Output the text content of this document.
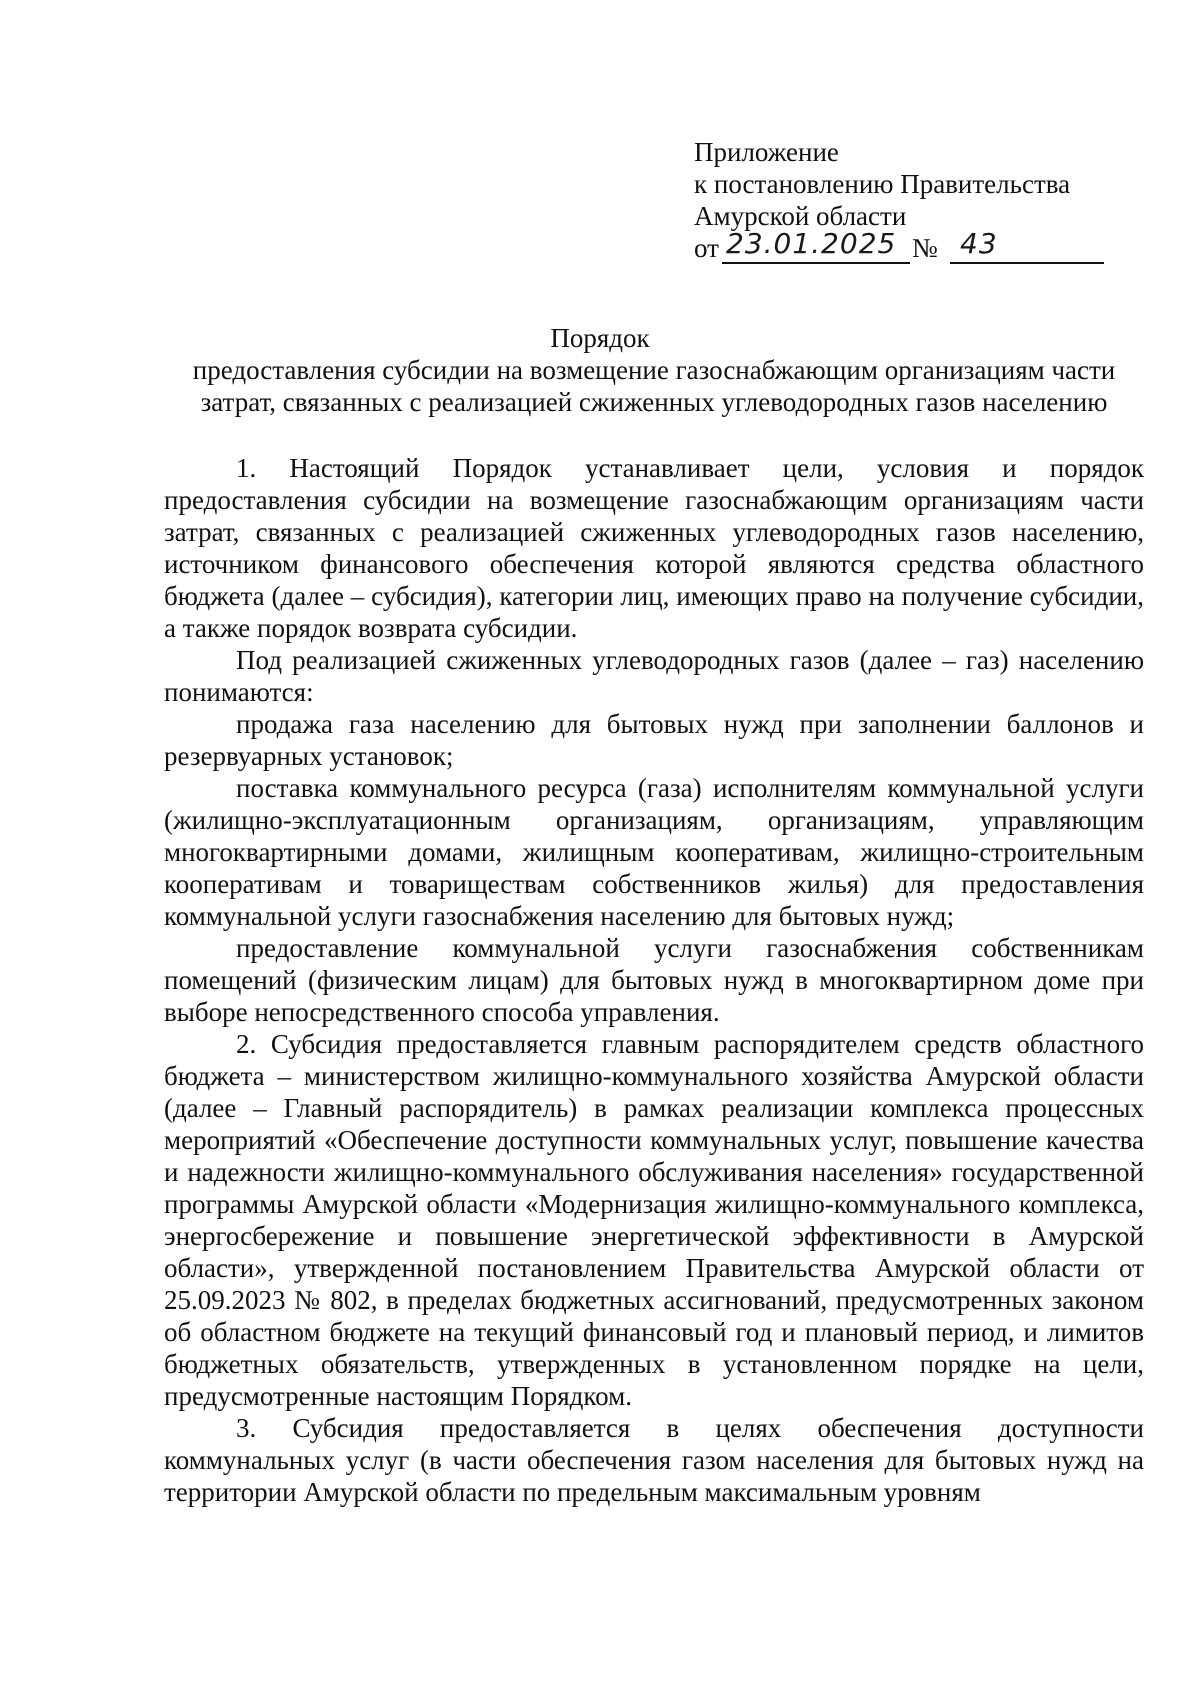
Приложение
к постановлению Правительства
Амурской области
от 23.01.2025 № 43
Порядок
предоставления субсидии на возмещение газоснабжающим организациям части затрат, связанных с реализацией сжиженных углеводородных газов населению

1. Настоящий Порядок устанавливает цели, условия и порядок предоставления субсидии на возмещение газоснабжающим организациям части затрат, связанных с реализацией сжиженных углеводородных газов населению, источником финансового обеспечения которой являются средства областного бюджета (далее – субсидия), категории лиц, имеющих право на получение субсидии, а также порядок возврата субсидии.

Под реализацией сжиженных углеводородных газов (далее – газ) населению понимаются:

продажа газа населению для бытовых нужд при заполнении баллонов и резервуарных установок;

поставка коммунального ресурса (газа) исполнителям коммунальной услуги (жилищно-эксплуатационным организациям, организациям, управляющим многоквартирными домами, жилищным кооперативам, жилищно-строительным кооперативам и товариществам собственников жилья) для предоставления коммунальной услуги газоснабжения населению для бытовых нужд;

предоставление коммунальной услуги газоснабжения собственникам помещений (физическим лицам) для бытовых нужд в многоквартирном доме при выборе непосредственного способа управления.

2. Субсидия предоставляется главным распорядителем средств областного бюджета – министерством жилищно-коммунального хозяйства Амурской области (далее – Главный распорядитель) в рамках реализации комплекса процессных мероприятий «Обеспечение доступности коммунальных услуг, повышение качества и надежности жилищно-коммунального обслуживания населения» государственной программы Амурской области «Модернизация жилищно-коммунального комплекса, энергосбережение и повышение энергетической эффективности в Амурской области», утвержденной постановлением Правительства Амурской области от 25.09.2023 № 802, в пределах бюджетных ассигнований, предусмотренных законом об областном бюджете на текущий финансовый год и плановый период, и лимитов бюджетных обязательств, утвержденных в установленном порядке на цели, предусмотренные настоящим Порядком.

3. Субсидия предоставляется в целях обеспечения доступности коммунальных услуг (в части обеспечения газом населения для бытовых нужд на территории Амурской области по предельным максимальным уровням
